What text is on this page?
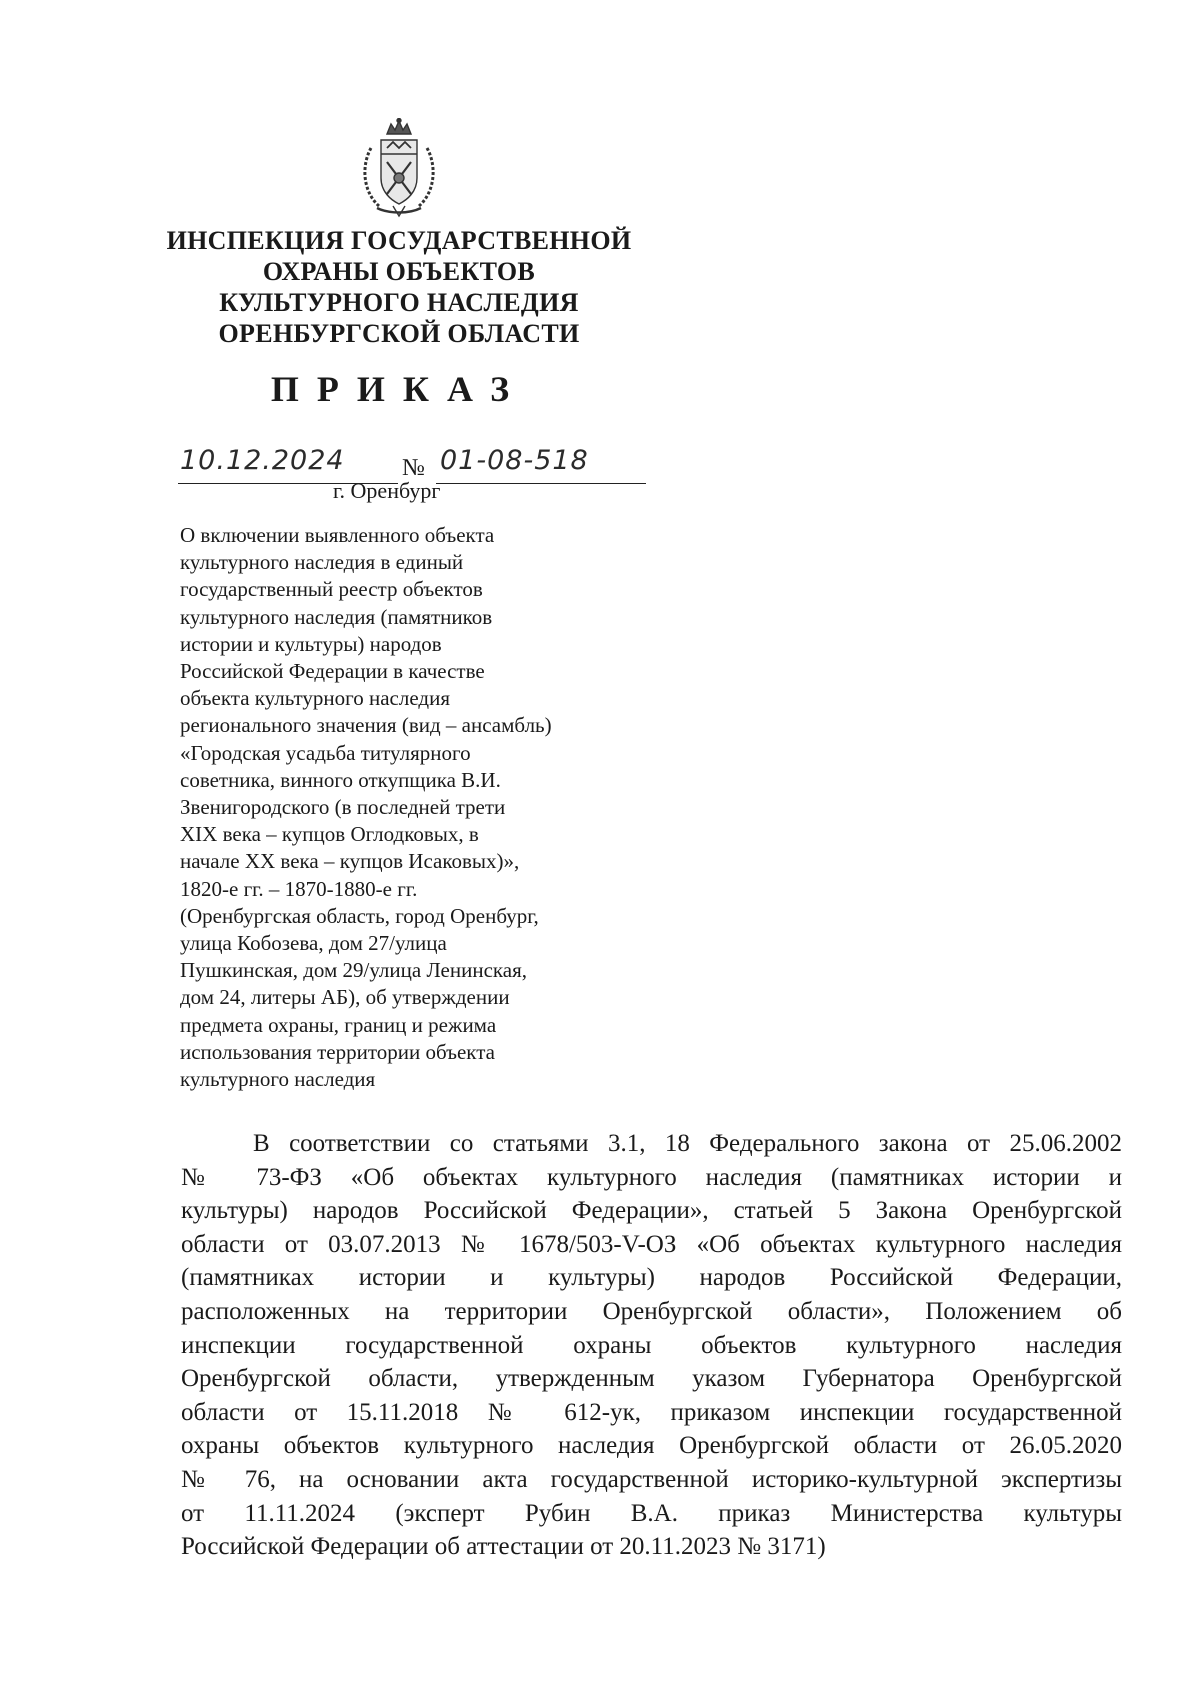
ИНСПЕКЦИЯ ГОСУДАРСТВЕННОЙ
ОХРАНЫ ОБЪЕКТОВ
КУЛЬТУРНОГО НАСЛЕДИЯ
ОРЕНБУРГСКОЙ ОБЛАСТИ
ПРИКАЗ
10.12.2024 № 01-08-518
г. Оренбург
О включении выявленного объекта
культурного наследия в единый
государственный реестр объектов
культурного наследия (памятников
истории и культуры) народов
Российской Федерации в качестве
объекта культурного наследия
регионального значения (вид – ансамбль)
«Городская усадьба титулярного
советника, винного откупщика В.И.
Звенигородского (в последней трети
XIX века – купцов Оглодковых, в
начале XX века – купцов Исаковых)»,
1820-е гг. – 1870-1880-е гг.
(Оренбургская область, город Оренбург,
улица Кобозева, дом 27/улица
Пушкинская, дом 29/улица Ленинская,
дом 24, литеры АБ), об утверждении
предмета охраны, границ и режима
использования территории объекта
культурного наследия
В соответствии со статьями 3.1, 18 Федерального закона от 25.06.2002
№ 73-ФЗ «Об объектах культурного наследия (памятниках истории и
культуры) народов Российской Федерации», статьей 5 Закона Оренбургской
области от 03.07.2013 № 1678/503-V-ОЗ «Об объектах культурного наследия
(памятниках истории и культуры) народов Российской Федерации,
расположенных на территории Оренбургской области», Положением об
инспекции государственной охраны объектов культурного наследия
Оренбургской области, утвержденным указом Губернатора Оренбургской
области от 15.11.2018 № 612-ук, приказом инспекции государственной
охраны объектов культурного наследия Оренбургской области от 26.05.2020
№ 76, на основании акта государственной историко-культурной экспертизы
от 11.11.2024 (эксперт Рубин В.А. приказ Министерства культуры
Российской Федерации об аттестации от 20.11.2023 № 3171)
